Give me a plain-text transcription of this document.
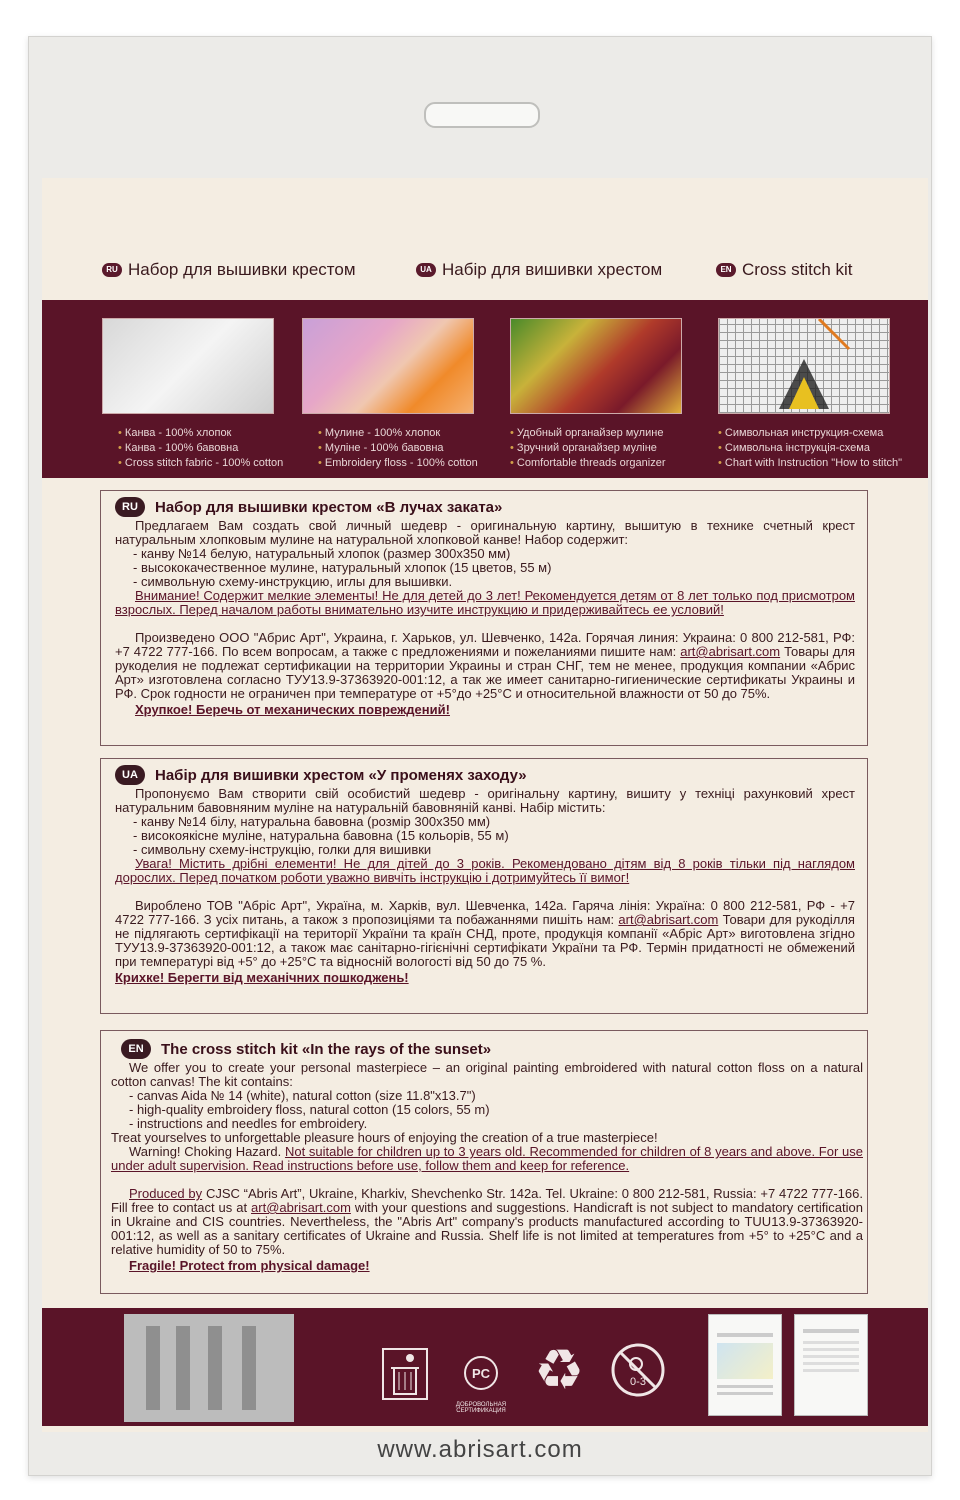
RU Набор для вышивки крестом	UA Набір для вишивки хрестом	EN Cross stitch kit
• Канва - 100% хлопок
• Канва - 100% бавовна
• Cross stitch fabric - 100% cotton
• Мулине - 100% хлопок
• Муліне - 100% бавовна
• Embroidery floss - 100% cotton
• Удобный органайзер мулине
• Зручний органайзер муліне
• Comfortable threads organizer
• Символьная инструкция-схема
• Символьна інструкція-схема
• Chart with Instruction "How to stitch"
RU	Набор для вышивки крестом «В лучах заката»
Предлагаем Вам создать свой личный шедевр - оригинальную картину, вышитую в технике счетный крест натуральным хлопковым мулине на натуральной хлопковой канве! Набор содержит:
- канву №14 белую, натуральный хлопок (размер 300х350 мм)
- высококачественное мулине, натуральный хлопок (15 цветов, 55 м)
- символьную схему-инструкцию, иглы для вышивки.
Внимание! Содержит мелкие элементы! Не для детей до 3 лет! Рекомендуется детям от 8 лет только под присмотром взрослых. Перед началом работы внимательно изучите инструкцию и придерживайтесь ее условий!
Произведено ООО "Абрис Арт", Украина, г. Харьков, ул. Шевченко, 142а. Горячая линия: Украина: 0 800 212-581, РФ: +7 4722 777-166. По всем вопросам, а также с предложениями и пожеланиями пишите нам: art@abrisart.com Товары для рукоделия не подлежат сертификации на территории Украины и стран СНГ, тем не менее, продукция компании «Абрис Арт» изготовлена согласно ТУУ13.9-37363920-001:12, а так же имеет санитарно-гигиенические сертификаты Украины и РФ. Срок годности не ограничен при температуре от +5°до +25°С и относительной влажности от 50 до 75%.
Хрупкое! Беречь от механических повреждений!
UA	Набір для вишивки хрестом «У променях заходу»
Пропонуємо Вам створити свій особистий шедевр - оригінальну картину, вишиту у техніці рахунковий хрест натуральним бавовняним муліне на натуральній бавовняній канві. Набір містить:
- канву №14 білу, натуральна бавовна (розмір 300х350 мм)
- високоякісне муліне, натуральна бавовна (15 кольорів, 55 м)
- символьну схему-інструкцію, голки для вишивки
Увага! Містить дрібні елементи! Не для дітей до 3 років. Рекомендовано дітям від 8 років тільки під наглядом дорослих. Перед початком роботи уважно вивчіть інструкцію і дотримуйтесь її вимог!
Вироблено ТОВ "Абріс Арт", Україна, м. Харків, вул. Шевченка, 142а. Гаряча лінія: Україна: 0 800 212-581, РФ - +7 4722 777-166. З усіх питань, а також з пропозиціями та побажаннями пишіть нам: art@abrisart.com Товари для рукоділля не підлягають сертифікації на території України та країн СНД, проте, продукція компанії «Абріс Арт» виготовлена згідно ТУУ13.9-37363920-001:12, а також має санітарно-гігієнічні сертифікати України та РФ. Термін придатності не обмежений при температурі від +5° до +25°С та відносній вологості від 50 до 75 %.
Крихке! Берегти від механічних пошкоджень!
EN	The cross stitch kit «In the rays of the sunset»
We offer you to create your personal masterpiece – an original painting embroidered with natural cotton floss on a natural cotton canvas! The kit contains:
- canvas Aida № 14 (white), natural cotton (size 11.8"x13.7")
- high-quality embroidery floss, natural cotton (15 colors, 55 m)
- instructions and needles for embroidery.
Treat yourselves to unforgettable pleasure hours of enjoying the creation of a true masterpiece!
Warning! Choking Hazard. Not suitable for children up to 3 years old. Recommended for children of 8 years and above. For use under adult supervision. Read instructions before use, follow them and keep for reference.
Produced by CJSC “Abris Art”, Ukraine, Kharkiv, Shevchenko Str. 142a. Tel. Ukraine: 0 800 212-581, Russia: +7 4722 777-166. Fill free to contact us at art@abrisart.com with your questions and suggestions. Handicraft is not subject to mandatory certification in Ukraine and CIS countries. Nevertheless, the "Abris Art" company's products manufactured according to TUU13.9-37363920-001:12, as well as a sanitary certificates of Ukraine and Russia. Shelf life is not limited at temperatures from +5° to +25°C and a relative humidity of 50 to 75%.
Fragile! Protect from physical damage!
PC
ДОБРОВОЛЬНАЯ СЕРТИФИКАЦИЯ
♻	0-3
www.abrisart.com
